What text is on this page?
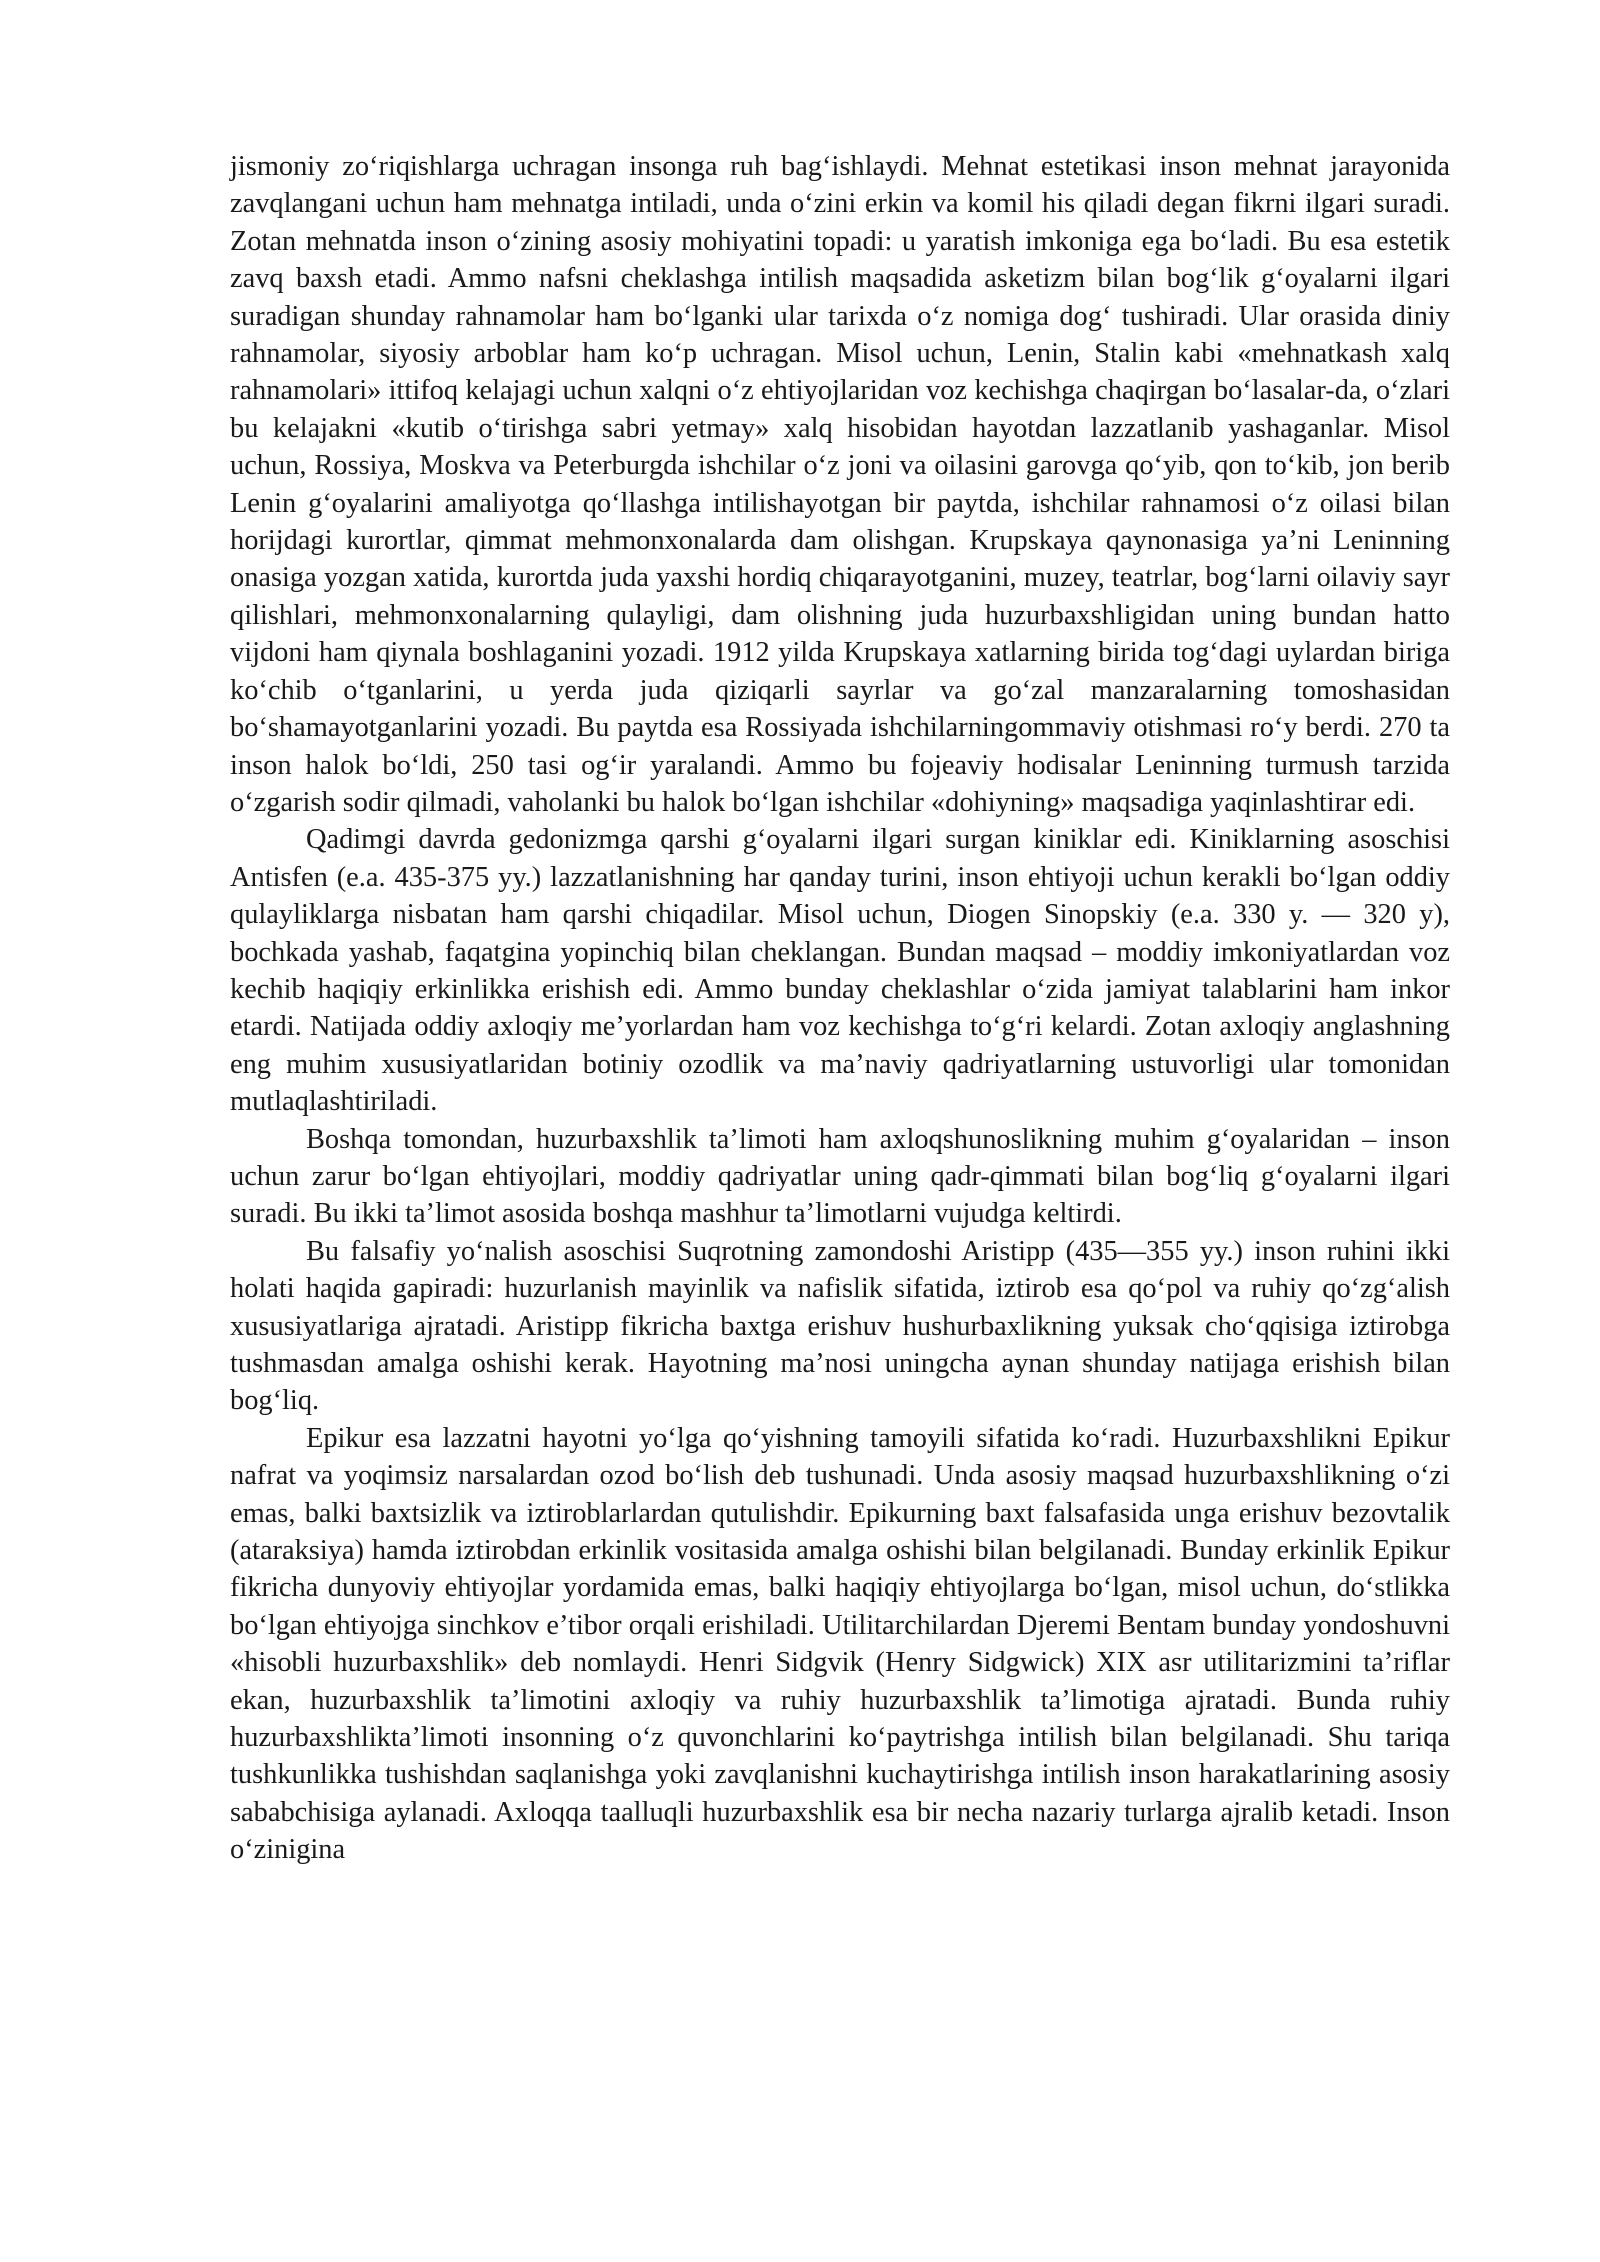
jismoniy zoʻriqishlarga uchragan insonga ruh bagʻishlaydi. Mehnat estetikasi inson mehnat jarayonida zavqlangani uchun ham mehnatga intiladi, unda oʻzini erkin va komil his qiladi degan fikrni ilgari suradi. Zotan mehnatda inson oʻzining asosiy mohiyatini topadi: u yaratish imkoniga ega boʻladi. Bu esa estetik zavq baxsh etadi. Ammo nafsni cheklashga intilish maqsadida asketizm bilan bogʻlik gʻoyalarni ilgari suradigan shunday rahnamolar ham boʻlganki ular tarixda oʻz nomiga dogʻ tushiradi. Ular orasida diniy rahnamolar, siyosiy arboblar ham koʻp uchragan. Misol uchun, Lenin, Stalin kabi «mehnatkash xalq rahnamolari» ittifoq kelajagi uchun xalqni oʻz ehtiyojlaridan voz kechishga chaqirgan boʻlasalar-da, oʻzlari bu kelajakni «kutib oʻtirishga sabri yetmay» xalq hisobidan hayotdan lazzatlanib yashaganlar. Misol uchun, Rossiya, Moskva va Peterburgda ishchilar oʻz joni va oilasini garovga qoʻyib, qon toʻkib, jon berib Lenin gʻoyalarini amaliyotga qoʻllashga intilishayotgan bir paytda, ishchilar rahnamosi oʻz oilasi bilan horijdagi kurortlar, qimmat mehmonxonalarda dam olishgan. Krupskaya qaynonasiga ya’ni Leninning onasiga yozgan xatida, kurortda juda yaxshi hordiq chiqarayotganini, muzey, teatrlar, bogʻlarni oilaviy sayr qilishlari, mehmonxonalarning qulayligi, dam olishning juda huzurbaxshligidan uning bundan hatto vijdoni ham qiynala boshlaganini yozadi. 1912 yilda Krupskaya xatlarning birida togʻdagi uylardan biriga koʻchib oʻtganlarini, u yerda juda qiziqarli sayrlar va goʻzal manzaralarning tomoshasidan boʻshamayotganlarini yozadi. Bu paytda esa Rossiyada ishchilarningommaviy otishmasi roʻy berdi. 270 ta inson halok boʻldi, 250 tasi ogʻir yaralandi. Ammo bu fojeaviy hodisalar Leninning turmush tarzida oʻzgarish sodir qilmadi, vaholanki bu halok boʻlgan ishchilar «dohiyning» maqsadiga yaqinlashtirar edi.

Qadimgi davrda gedonizmga qarshi gʻoyalarni ilgari surgan kiniklar edi. Kiniklarning asoschisi Antisfen (e.a. 435-375 yy.) lazzatlanishning har qanday turini, inson ehtiyoji uchun kerakli boʻlgan oddiy qulayliklarga nisbatan ham qarshi chiqadilar. Misol uchun, Diogen Sinopskiy (e.a. 330 y. — 320 y), bochkada yashab, faqatgina yopinchiq bilan cheklangan. Bundan maqsad – moddiy imkoniyatlardan voz kechib haqiqiy erkinlikka erishish edi. Ammo bunday cheklashlar oʻzida jamiyat talablarini ham inkor etardi. Natijada oddiy axloqiy me’yorlardan ham voz kechishga toʻgʻri kelardi. Zotan axloqiy anglashning eng muhim xususiyatlaridan botiniy ozodlik va ma’naviy qadriyatlarning ustuvorligi ular tomonidan mutlaqlashtiriladi.

Boshqa tomondan, huzurbaxshlik ta’limoti ham axloqshunoslikning muhim gʻoyalaridan – inson uchun zarur boʻlgan ehtiyojlari, moddiy qadriyatlar uning qadr-qimmati bilan bogʻliq gʻoyalarni ilgari suradi. Bu ikki ta’limot asosida boshqa mashhur ta’limotlarni vujudga keltirdi.

Bu falsafiy yoʻnalish asoschisi Suqrotning zamondoshi Aristipp (435—355 yy.) inson ruhini ikki holati haqida gapiradi: huzurlanish mayinlik va nafislik sifatida, iztirob esa qoʻpol va ruhiy qoʻzgʻalish xususiyatlariga ajratadi. Aristipp fikricha baxtga erishuv hushurbaxlikning yuksak choʻqqisiga iztirobga tushmasdan amalga oshishi kerak. Hayotning ma’nosi uningcha aynan shunday natijaga erishish bilan bogʻliq.

Epikur esa lazzatni hayotni yoʻlga qoʻyishning tamoyili sifatida koʻradi. Huzurbaxshlikni Epikur nafrat va yoqimsiz narsalardan ozod boʻlish deb tushunadi. Unda asosiy maqsad huzurbaxshlikning oʻzi emas, balki baxtsizlik va iztiroblarlardan qutulishdir. Epikurning baxt falsafasida unga erishuv bezovtalik (ataraksiya) hamda iztirobdan erkinlik vositasida amalga oshishi bilan belgilanadi. Bunday erkinlik Epikur fikricha dunyoviy ehtiyojlar yordamida emas, balki haqiqiy ehtiyojlarga boʻlgan, misol uchun, doʻstlikka boʻlgan ehtiyojga sinchkov e’tibor orqali erishiladi. Utilitarchilardan Djeremi Bentam bunday yondoshuvni «hisobli huzurbaxshlik» deb nomlaydi. Henri Sidgvik (Henry Sidgwick) XIX asr utilitarizmini ta’riflar ekan, huzurbaxshlik ta’limotini axloqiy va ruhiy huzurbaxshlik ta’limotiga ajratadi. Bunda ruhiy huzurbaxshlikta’limoti insonning oʻz quvonchlarini koʻpaytrishga intilish bilan belgilanadi. Shu tariqa tushkunlikka tushishdan saqlanishga yoki zavqlanishni kuchaytirishga intilish inson harakatlarining asosiy sababchisiga aylanadi. Axloqqa taalluqli huzurbaxshlik esa bir necha nazariy turlarga ajralib ketadi. Inson oʻzinigina
